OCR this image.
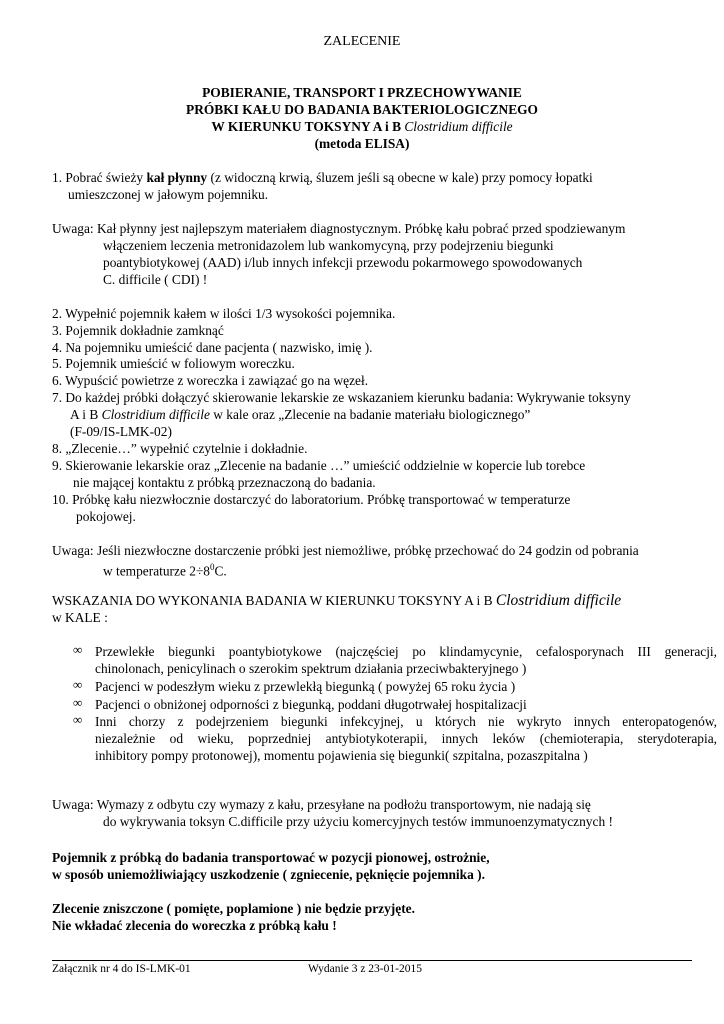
ZALECENIE
POBIERANIE, TRANSPORT I PRZECHOWYWANIE
PRÓBKI KAŁU DO BADANIA BAKTERIOLOGICZNEGO
W KIERUNKU TOKSYNY A i B Clostridium difficile
(metoda ELISA)
1. Pobrać świeży kał płynny (z widoczną krwią, śluzem jeśli są obecne w kale) przy pomocy łopatki
umieszczonej w jałowym pojemniku.
Uwaga: Kał płynny jest najlepszym materiałem diagnostycznym. Próbkę kału pobrać przed spodziewanym
włączeniem leczenia metronidazolem lub wankomycyną, przy podejrzeniu biegunki
poantybiotykowej (AAD) i/lub innych infekcji przewodu pokarmowego spowodowanych
C. difficile ( CDI) !
2. Wypełnić pojemnik kałem w ilości 1/3 wysokości pojemnika.
3. Pojemnik dokładnie zamknąć
4. Na pojemniku umieścić dane pacjenta ( nazwisko, imię ).
5. Pojemnik umieścić w foliowym woreczku.
6. Wypuścić powietrze z woreczka i zawiązać go na węzeł.
7. Do każdej próbki dołączyć skierowanie lekarskie ze wskazaniem kierunku badania: Wykrywanie toksyny
A i B Clostridium difficile w kale oraz „Zlecenie na badanie materiału biologicznego”
(F-09/IS-LMK-02)
8. „Zlecenie…” wypełnić czytelnie i dokładnie.
9. Skierowanie lekarskie oraz „Zlecenie na badanie …” umieścić oddzielnie w kopercie lub torebce
nie mającej kontaktu z próbką przeznaczoną do badania.
10. Próbkę kału niezwłocznie dostarczyć do laboratorium. Próbkę transportować w temperaturze
pokojowej.
Uwaga: Jeśli niezwłoczne dostarczenie próbki jest niemożliwe, próbkę przechować do 24 godzin od pobrania
w temperaturze $2\div 8^0C$.
WSKAZANIA DO WYKONANIA BADANIA W KIERUNKU TOKSYNY A i B Clostridium difficile
w KALE :
∞ Przewlekłe biegunki poantybiotykowe (najczęściej po klindamycynie, cefalosporynach III generacji,
chinolonach, penicylinach o szerokim spektrum działania przeciwbakteryjnego )
∞ Pacjenci w podeszłym wieku z przewlekłą biegunką ( powyżej 65 roku życia )
∞ Pacjenci o obniżonej odporności z biegunką, poddani długotrwałej hospitalizacji
∞ Inni chorzy z podejrzeniem biegunki infekcyjnej, u których nie wykryto innych enteropatogenów,
niezależnie od wieku, poprzedniej antybiotykoterapii, innych leków (chemioterapia, sterydoterapia,
inhibitory pompy protonowej), momentu pojawienia się biegunki( szpitalna, pozaszpitalna )
Uwaga: Wymazy z odbytu czy wymazy z kału, przesyłane na podłożu transportowym, nie nadają się
do wykrywania toksyn C.difficile przy użyciu komercyjnych testów immunoenzymatycznych !
Pojemnik z próbką do badania transportować w pozycji pionowej, ostrożnie,
w sposób uniemożliwiający uszkodzenie ( zgniecenie, pęknięcie pojemnika ).
Zlecenie zniszczone ( pomięte, poplamione ) nie będzie przyjęte.
Nie wkładać zlecenia do woreczka z próbką kału !
Załącznik nr 4 do IS-LMK-01	Wydanie 3 z 23-01-2015
